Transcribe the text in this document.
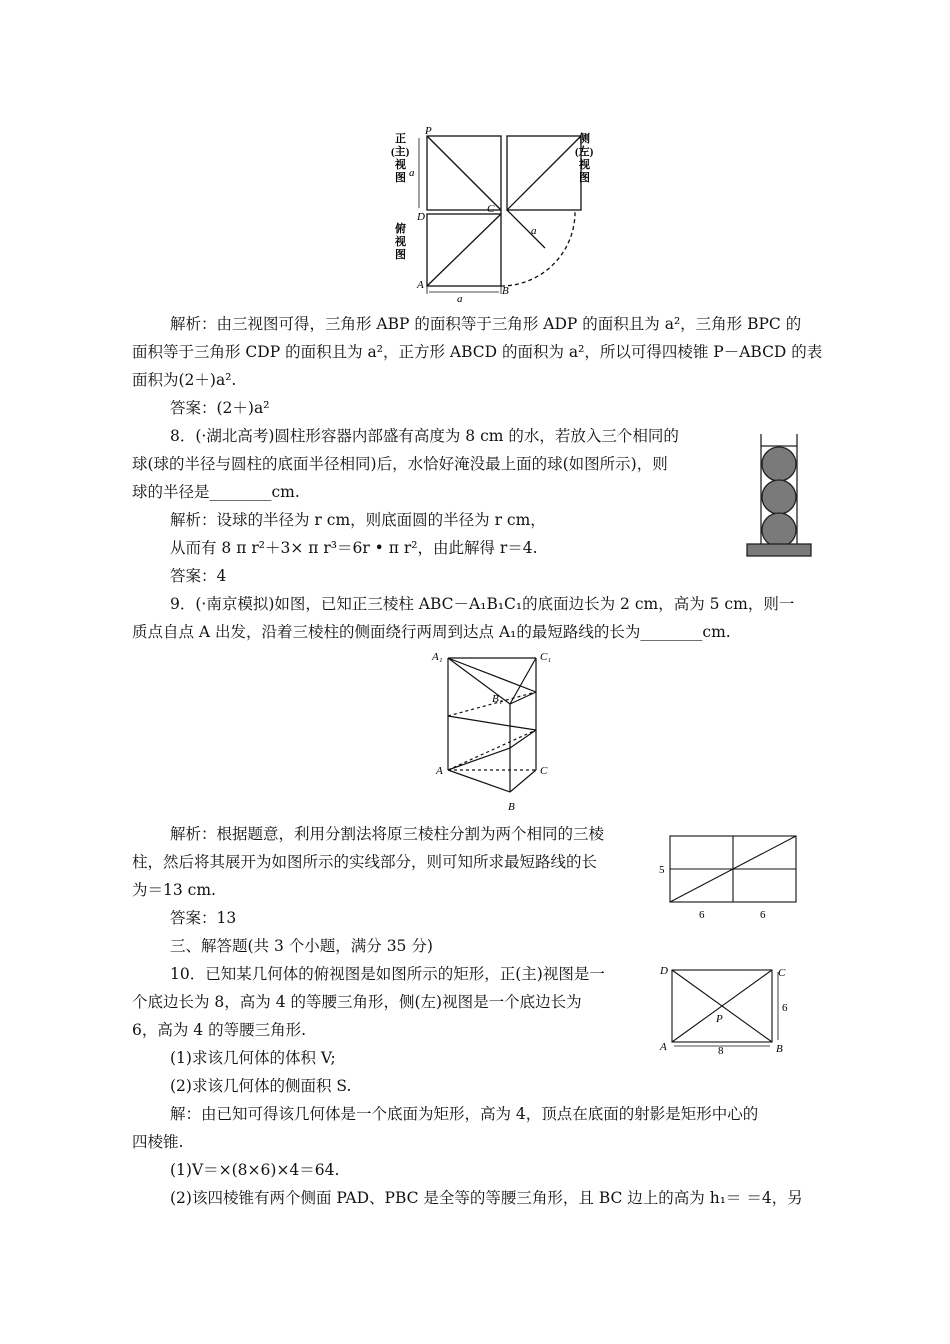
正(主)视图
侧(左)视图
俯视图
P
C
D
A	B
a
a
a
解析：由三视图可得，三角形 ABP 的面积等于三角形 ADP 的面积且为 a²，三角形 BPC 的
面积等于三角形 CDP 的面积且为 a²，正方形 ABCD 的面积为 a²，所以可得四棱锥 P－ABCD 的表
面积为(2＋)a².
答案：(2＋)a²
8．(·湖北高考)圆柱形容器内部盛有高度为 8 cm 的水，若放入三个相同的
球(球的半径与圆柱的底面半径相同)后，水恰好淹没最上面的球(如图所示)，则
球的半径是________cm.
解析：设球的半径为 r cm，则底面圆的半径为 r cm，
从而有 8 π r²＋3× π r³＝6r • π r²，由此解得 r＝4.
答案：4
9．(·南京模拟)如图，已知正三棱柱 ABC－A₁B₁C₁的底面边长为 2 cm，高为 5 cm，则一
质点自点 A 出发，沿着三棱柱的侧面绕行两周到达点 A₁的最短路线的长为________cm.
A₁	C₁
B₁
A	C
B
解析：根据题意，利用分割法将原三棱柱分割为两个相同的三棱
柱，然后将其展开为如图所示的实线部分，则可知所求最短路线的长
为＝13 cm.
答案：13
5
6	6
三、解答题(共 3 个小题，满分 35 分)
10．已知某几何体的俯视图是如图所示的矩形，正(主)视图是一
个底边长为 8，高为 4 的等腰三角形，侧(左)视图是一个底边长为
6，高为 4 的等腰三角形.
(1)求该几何体的体积 V;
(2)求该几何体的侧面积 S.
D	C
A	B
P
8
6
解：由已知可得该几何体是一个底面为矩形，高为 4，顶点在底面的射影是矩形中心的
四棱锥.
(1)V＝×(8×6)×4＝64.
(2)该四棱锥有两个侧面 PAD、PBC 是全等的等腰三角形，且 BC 边上的高为 h₁＝ ＝4，另
